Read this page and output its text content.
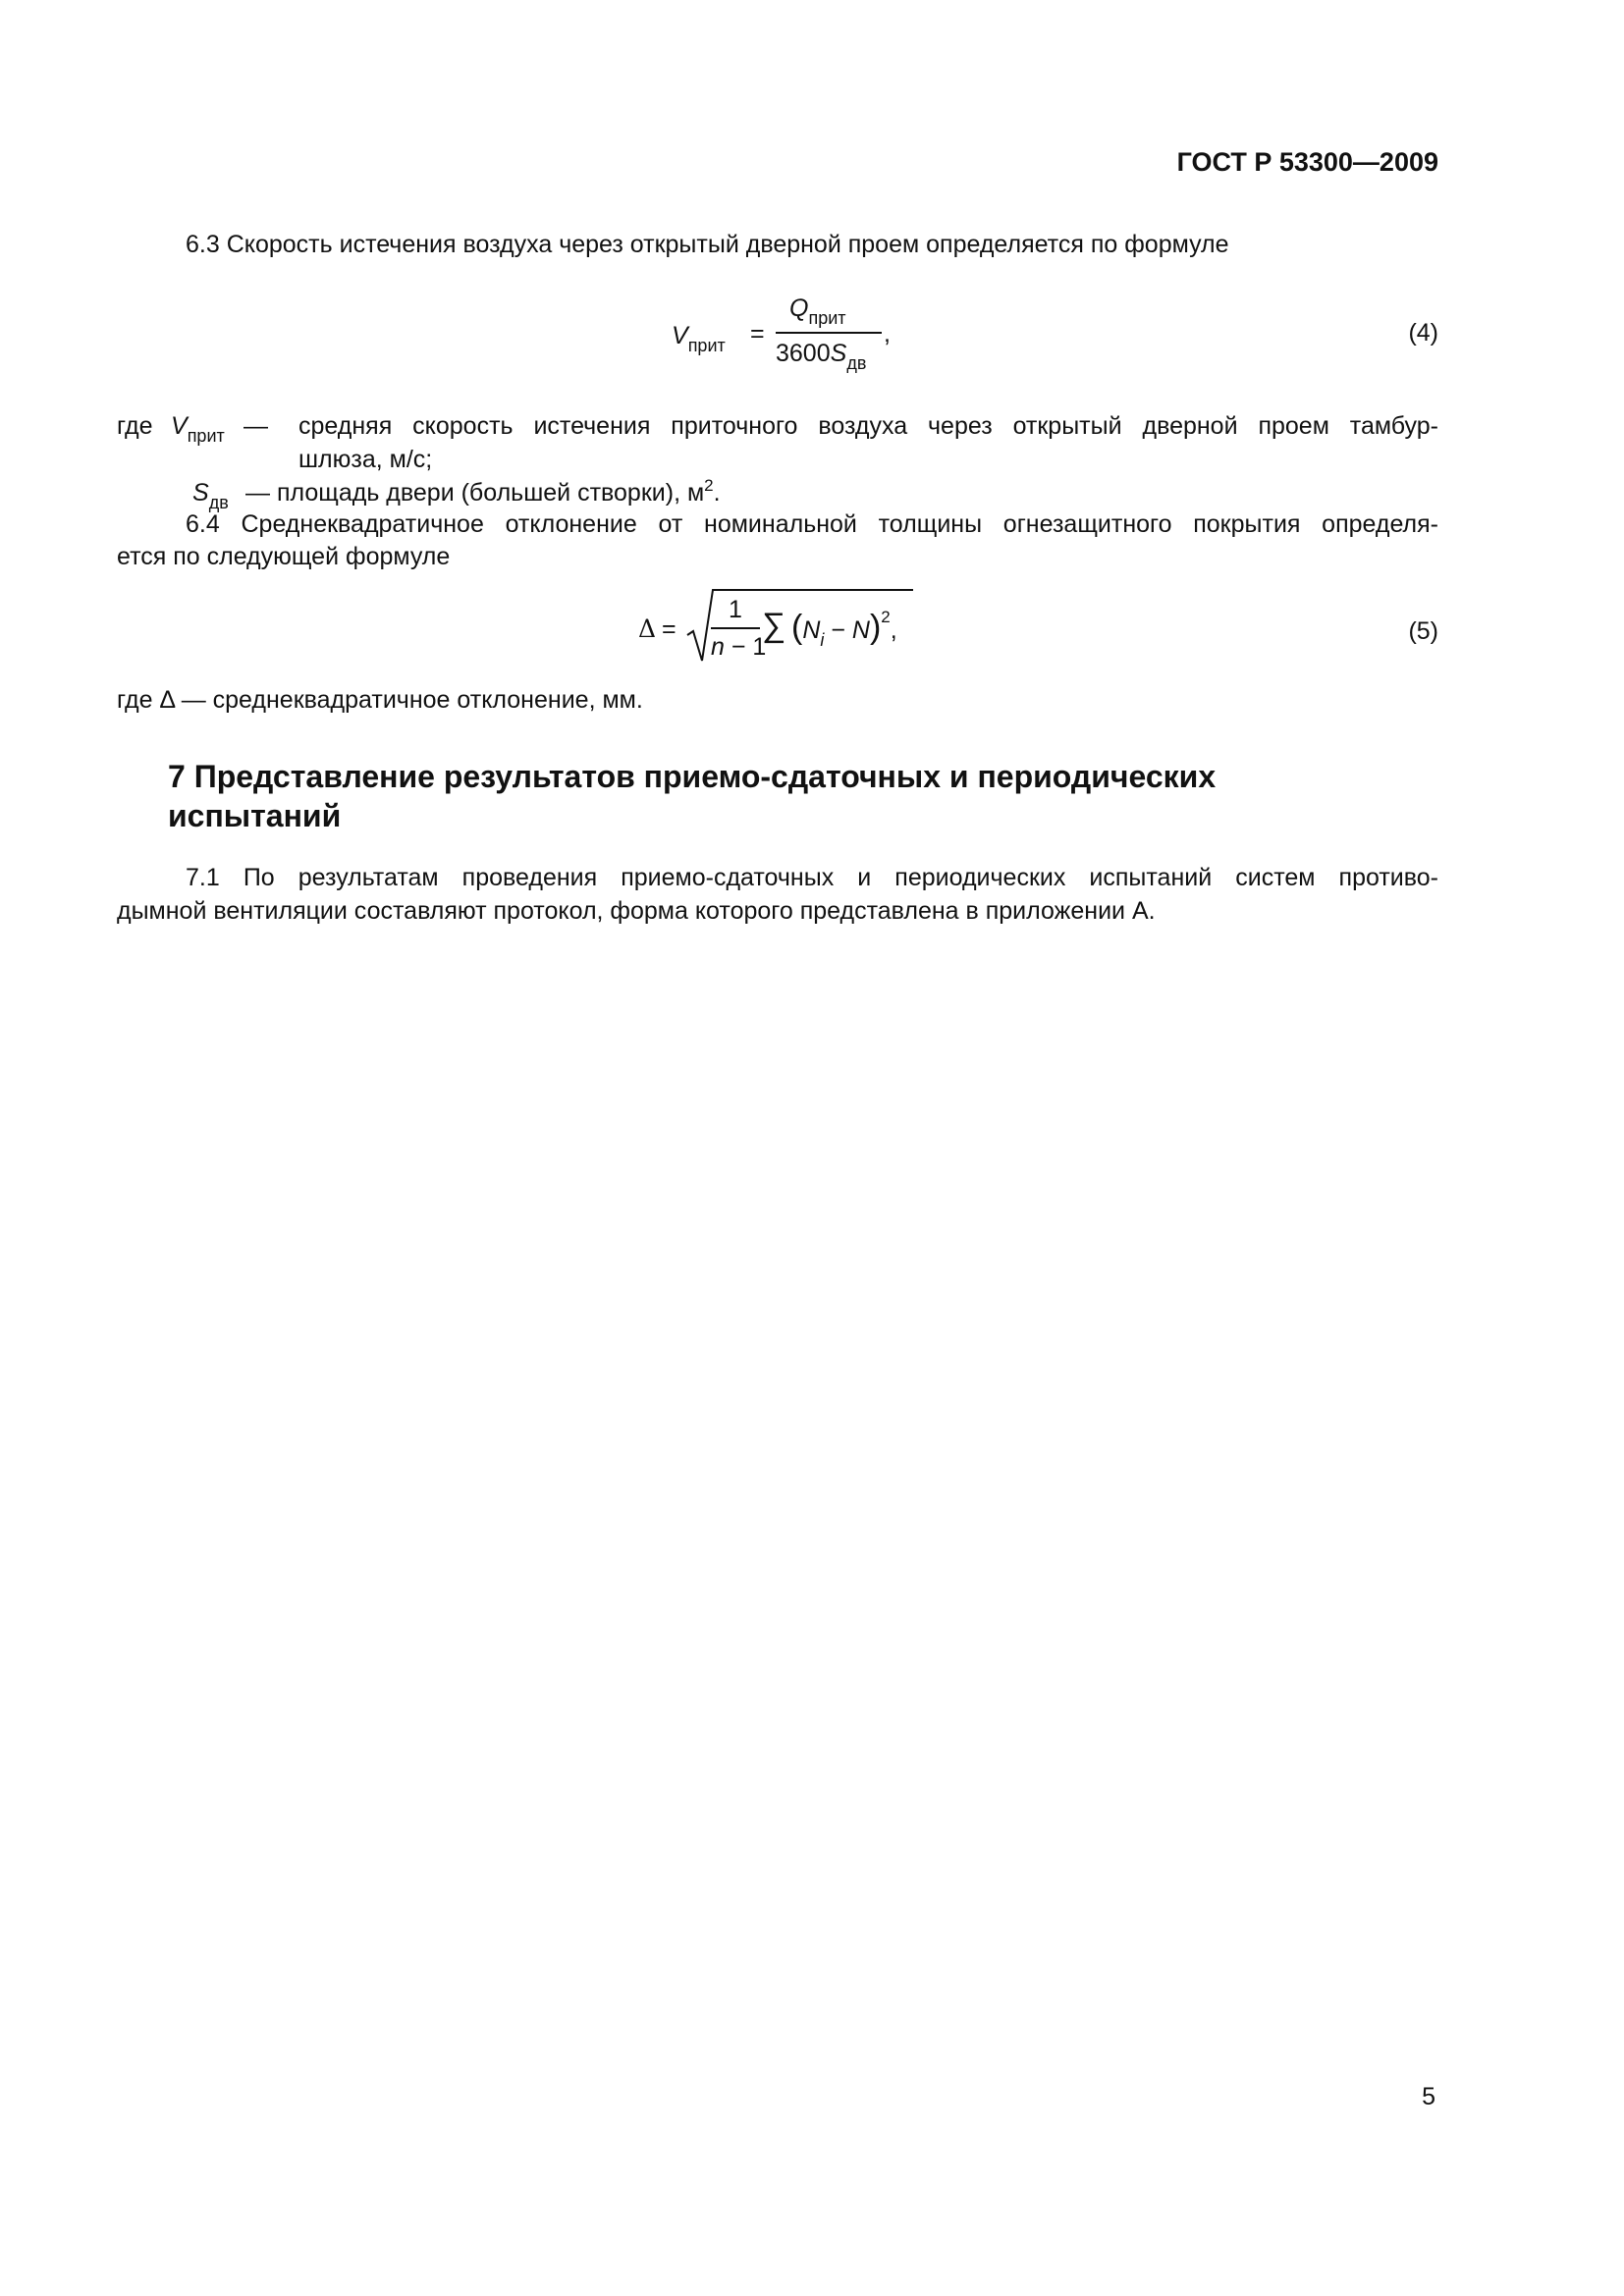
ГОСТ Р 53300—2009
6.3 Скорость истечения воздуха через открытый дверной проем определяется по формуле
$V_{прит}$ =
$Q_{прит}$
$3600S_{дв}$
,	(4)
где $V_{прит}$ — средняя скорость истечения приточного воздуха через открытый дверной проем тамбур-
шлюза, м/с;
$S_{дв}$ — площадь двери (большей створки), $м^2$.
6.4 Среднеквадратичное отклонение от номинальной толщины огнезащитного покрытия определя-
ется по следующей формуле
Δ =
1
n − 1
∑ $(N_i - N)^2$,	(5)
где Δ — среднеквадратичное отклонение, мм.
7 Представление результатов приемо-сдаточных и периодических
испытаний
7.1 По результатам проведения приемо-сдаточных и периодических испытаний систем противо-
дымной вентиляции составляют протокол, форма которого представлена в приложении А.
5
